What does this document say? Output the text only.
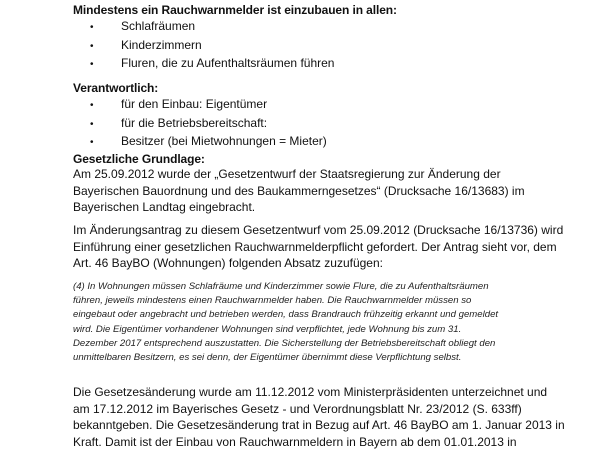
Mindestens ein Rauchwarnmelder ist einzubauen in allen:
•	Schlafräumen
•	Kinderzimmern
•	Fluren, die zu Aufenthaltsräumen führen
Verantwortlich:
•	für den Einbau: Eigentümer
•	für die Betriebsbereitschaft:
•	Besitzer (bei Mietwohnungen = Mieter)
Gesetzliche Grundlage:

Am 25.09.2012 wurde der „Gesetzentwurf der Staatsregierung zur Änderung der

Bayerischen Bauordnung und des Baukammerngesetzes“ (Drucksache 16/13683) im

Bayerischen Landtag eingebracht.

Im Änderungsantrag zu diesem Gesetzentwurf vom 25.09.2012 (Drucksache 16/13736) wird

Einführung einer gesetzlichen Rauchwarnmelderpflicht gefordert. Der Antrag sieht vor, dem

Art. 46 BayBO (Wohnungen) folgenden Absatz zuzufügen:

(4) In Wohnungen müssen Schlafräume und Kinderzimmer sowie Flure, die zu Aufenthaltsräumen

führen, jeweils mindestens einen Rauchwarnmelder haben. Die Rauchwarnmelder müssen so

eingebaut oder angebracht und betrieben werden, dass Brandrauch frühzeitig erkannt und gemeldet

wird. Die Eigentümer vorhandener Wohnungen sind verpflichtet, jede Wohnung bis zum 31.

Dezember 2017 entsprechend auszustatten. Die Sicherstellung der Betriebsbereitschaft obliegt den

unmittelbaren Besitzern, es sei denn, der Eigentümer übernimmt diese Verpflichtung selbst.

Die Gesetzesänderung wurde am 11.12.2012 vom Ministerpräsidenten unterzeichnet und

am 17.12.2012 im Bayerisches Gesetz - und Verordnungsblatt Nr. 23/2012 (S. 633ff)

bekanntgeben. Die Gesetzesänderung trat in Bezug auf Art. 46 BayBO am 1. Januar 2013 in

Kraft. Damit ist der Einbau von Rauchwarnmeldern in Bayern ab dem 01.01.2013 in
